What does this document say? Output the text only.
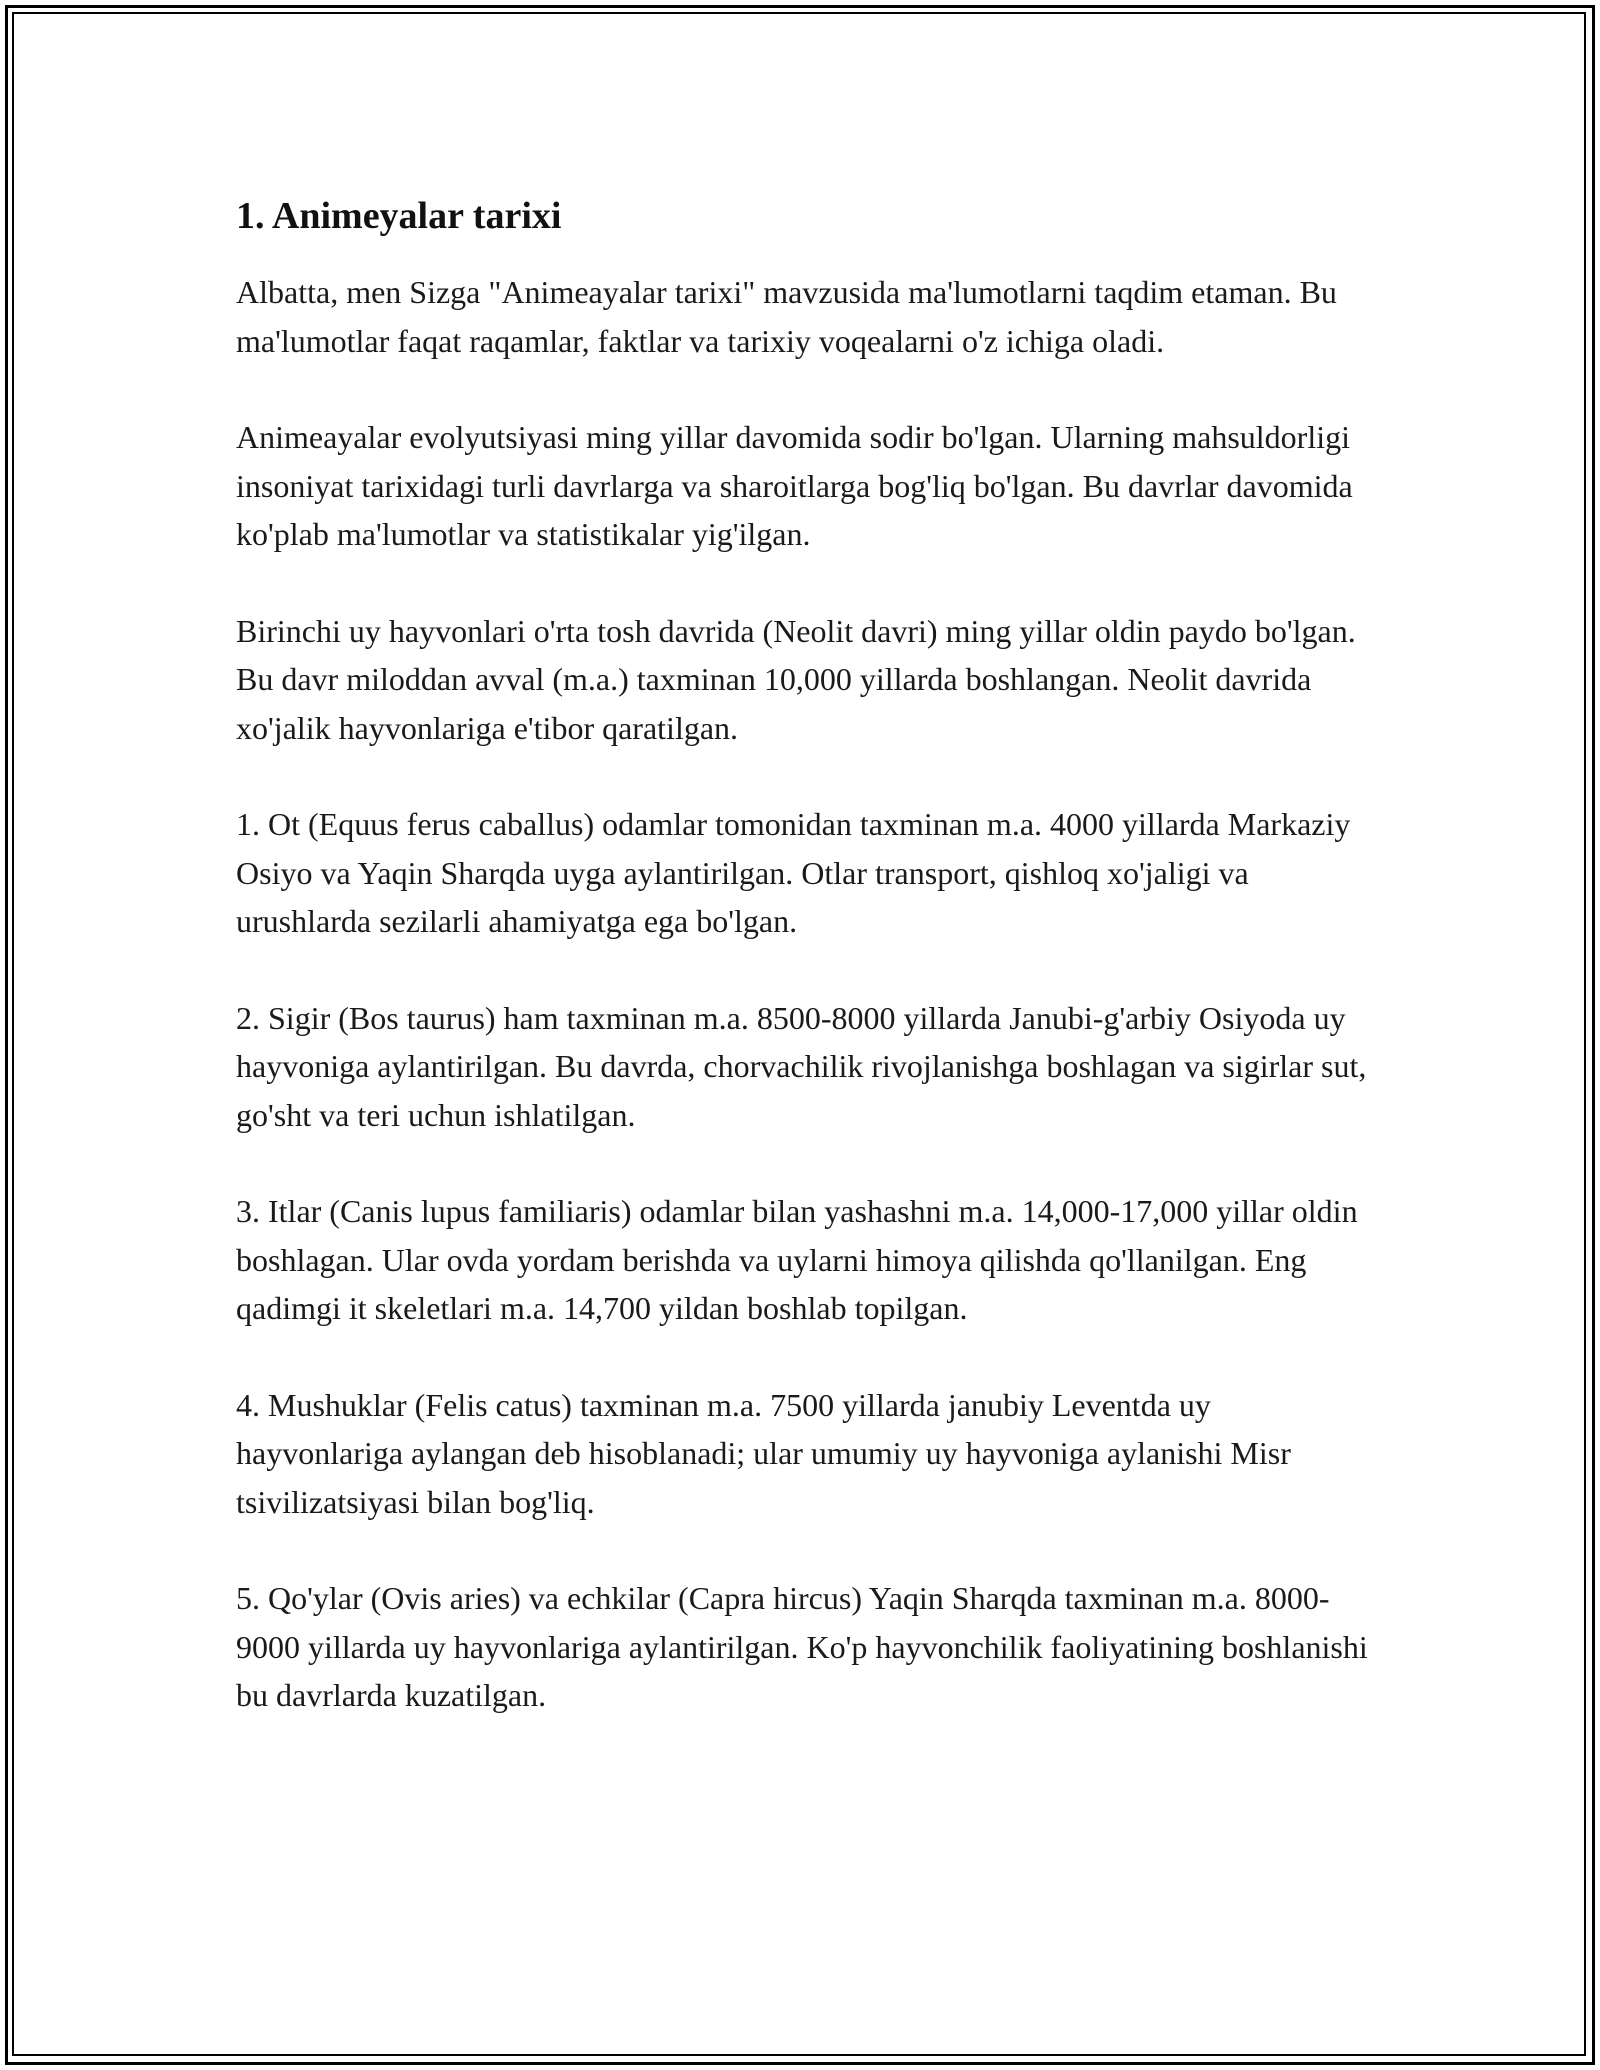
1. Animeyalar tarixi

Albatta, men Sizga "Animeayalar tarixi" mavzusida ma'lumotlarni taqdim etaman. Bu ma'lumotlar faqat raqamlar, faktlar va tarixiy voqealarni o'z ichiga oladi.

Animeayalar evolyutsiyasi ming yillar davomida sodir bo'lgan. Ularning mahsuldorligi insoniyat tarixidagi turli davrlarga va sharoitlarga bog'liq bo'lgan. Bu davrlar davomida ko'plab ma'lumotlar va statistikalar yig'ilgan.

Birinchi uy hayvonlari o'rta tosh davrida (Neolit davri) ming yillar oldin paydo bo'lgan. Bu davr miloddan avval (m.a.) taxminan 10,000 yillarda boshlangan. Neolit davrida xo'jalik hayvonlariga e'tibor qaratilgan.

1. Ot (Equus ferus caballus) odamlar tomonidan taxminan m.a. 4000 yillarda Markaziy Osiyo va Yaqin Sharqda uyga aylantirilgan. Otlar transport, qishloq xo'jaligi va urushlarda sezilarli ahamiyatga ega bo'lgan.

2. Sigir (Bos taurus) ham taxminan m.a. 8500-8000 yillarda Janubi-g'arbiy Osiyoda uy hayvoniga aylantirilgan. Bu davrda, chorvachilik rivojlanishga boshlagan va sigirlar sut, go'sht va teri uchun ishlatilgan.

3. Itlar (Canis lupus familiaris) odamlar bilan yashashni m.a. 14,000-17,000 yillar oldin boshlagan. Ular ovda yordam berishda va uylarni himoya qilishda qo'llanilgan. Eng qadimgi it skeletlari m.a. 14,700 yildan boshlab topilgan.

4. Mushuklar (Felis catus) taxminan m.a. 7500 yillarda janubiy Leventda uy hayvonlariga aylangan deb hisoblanadi; ular umumiy uy hayvoniga aylanishi Misr tsivilizatsiyasi bilan bog'liq.

5. Qo'ylar (Ovis aries) va echkilar (Capra hircus) Yaqin Sharqda taxminan m.a. 8000-9000 yillarda uy hayvonlariga aylantirilgan. Ko'p hayvonchilik faoliyatining boshlanishi bu davrlarda kuzatilgan.
